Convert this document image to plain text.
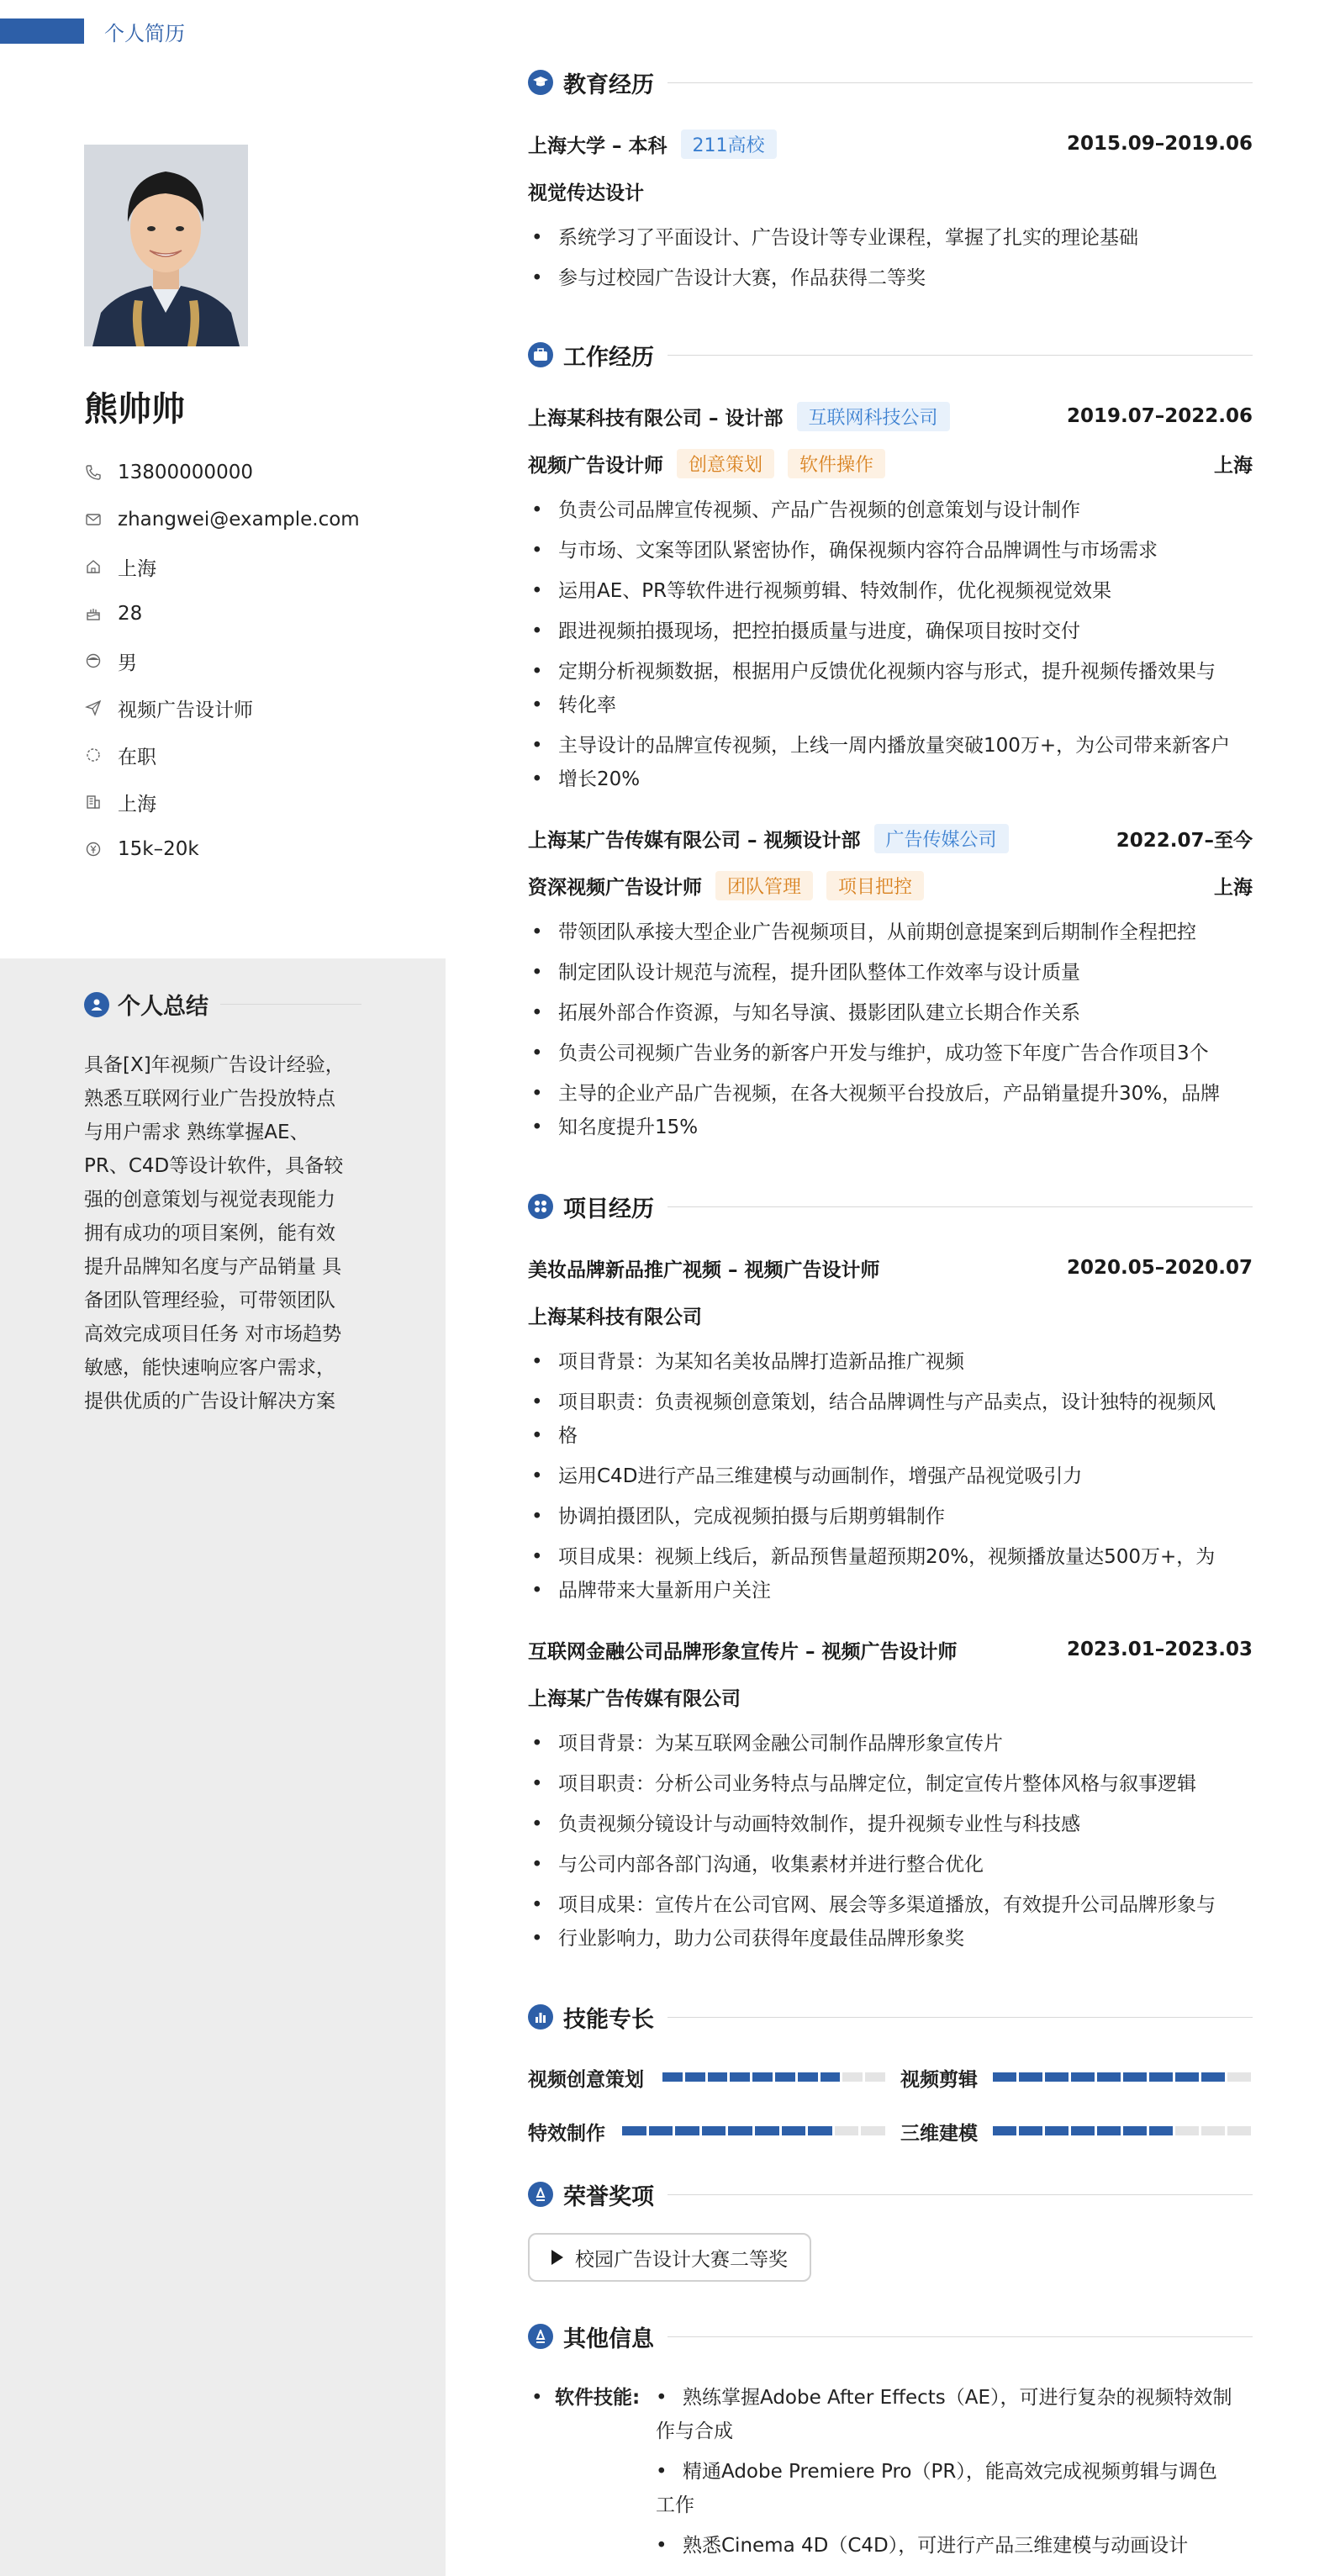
个人简历
熊帅帅
13800000000
zhangwei@example.com
上海
28
男
视频广告设计师
在职
上海
15k–20k
个人总结
具备[X]年视频广告设计经验，
熟悉互联网行业广告投放特点
与用户需求 熟练掌握AE、
PR、C4D等设计软件，具备较
强的创意策划与视觉表现能力
拥有成功的项目案例，能有效
提升品牌知名度与产品销量 具
备团队管理经验，可带领团队
高效完成项目任务 对市场趋势
敏感，能快速响应客户需求，
提供优质的广告设计解决方案
教育经历
上海大学 – 本科	211高校	2015.09–2019.06
视觉传达设计
• 系统学习了平面设计、广告设计等专业课程，掌握了扎实的理论基础
• 参与过校园广告设计大赛，作品获得二等奖
工作经历
上海某科技有限公司 – 设计部	互联网科技公司	2019.07–2022.06
视频广告设计师	创意策划	软件操作	上海
• 负责公司品牌宣传视频、产品广告视频的创意策划与设计制作
• 与市场、文案等团队紧密协作，确保视频内容符合品牌调性与市场需求
• 运用AE、PR等软件进行视频剪辑、特效制作，优化视频视觉效果
• 跟进视频拍摄现场，把控拍摄质量与进度，确保项目按时交付
• 定期分析视频数据，根据用户反馈优化视频内容与形式，提升视频传播效果与
• 转化率
• 主导设计的品牌宣传视频，上线一周内播放量突破100万+，为公司带来新客户
• 增长20%
上海某广告传媒有限公司 – 视频设计部	广告传媒公司	2022.07–至今
资深视频广告设计师	团队管理	项目把控	上海
• 带领团队承接大型企业广告视频项目，从前期创意提案到后期制作全程把控
• 制定团队设计规范与流程，提升团队整体工作效率与设计质量
• 拓展外部合作资源，与知名导演、摄影团队建立长期合作关系
• 负责公司视频广告业务的新客户开发与维护，成功签下年度广告合作项目3个
• 主导的企业产品广告视频，在各大视频平台投放后，产品销量提升30%，品牌
• 知名度提升15%
项目经历
美妆品牌新品推广视频 – 视频广告设计师	2020.05–2020.07
上海某科技有限公司
• 项目背景：为某知名美妆品牌打造新品推广视频
• 项目职责：负责视频创意策划，结合品牌调性与产品卖点，设计独特的视频风
• 格
• 运用C4D进行产品三维建模与动画制作，增强产品视觉吸引力
• 协调拍摄团队，完成视频拍摄与后期剪辑制作
• 项目成果：视频上线后，新品预售量超预期20%，视频播放量达500万+，为
• 品牌带来大量新用户关注
互联网金融公司品牌形象宣传片 – 视频广告设计师	2023.01–2023.03
上海某广告传媒有限公司
• 项目背景：为某互联网金融公司制作品牌形象宣传片
• 项目职责：分析公司业务特点与品牌定位，制定宣传片整体风格与叙事逻辑
• 负责视频分镜设计与动画特效制作，提升视频专业性与科技感
• 与公司内部各部门沟通，收集素材并进行整合优化
• 项目成果：宣传片在公司官网、展会等多渠道播放，有效提升公司品牌形象与
• 行业影响力，助力公司获得年度最佳品牌形象奖
技能专长
视频创意策划	视频剪辑
特效制作	三维建模
荣誉奖项
校园广告设计大赛二等奖
其他信息
• 软件技能: • 熟练掌握Adobe After Effects（AE），可进行复杂的视频特效制
作与合成
• 精通Adobe Premiere Pro（PR），能高效完成视频剪辑与调色
工作
• 熟悉Cinema 4D（C4D），可进行产品三维建模与动画设计
